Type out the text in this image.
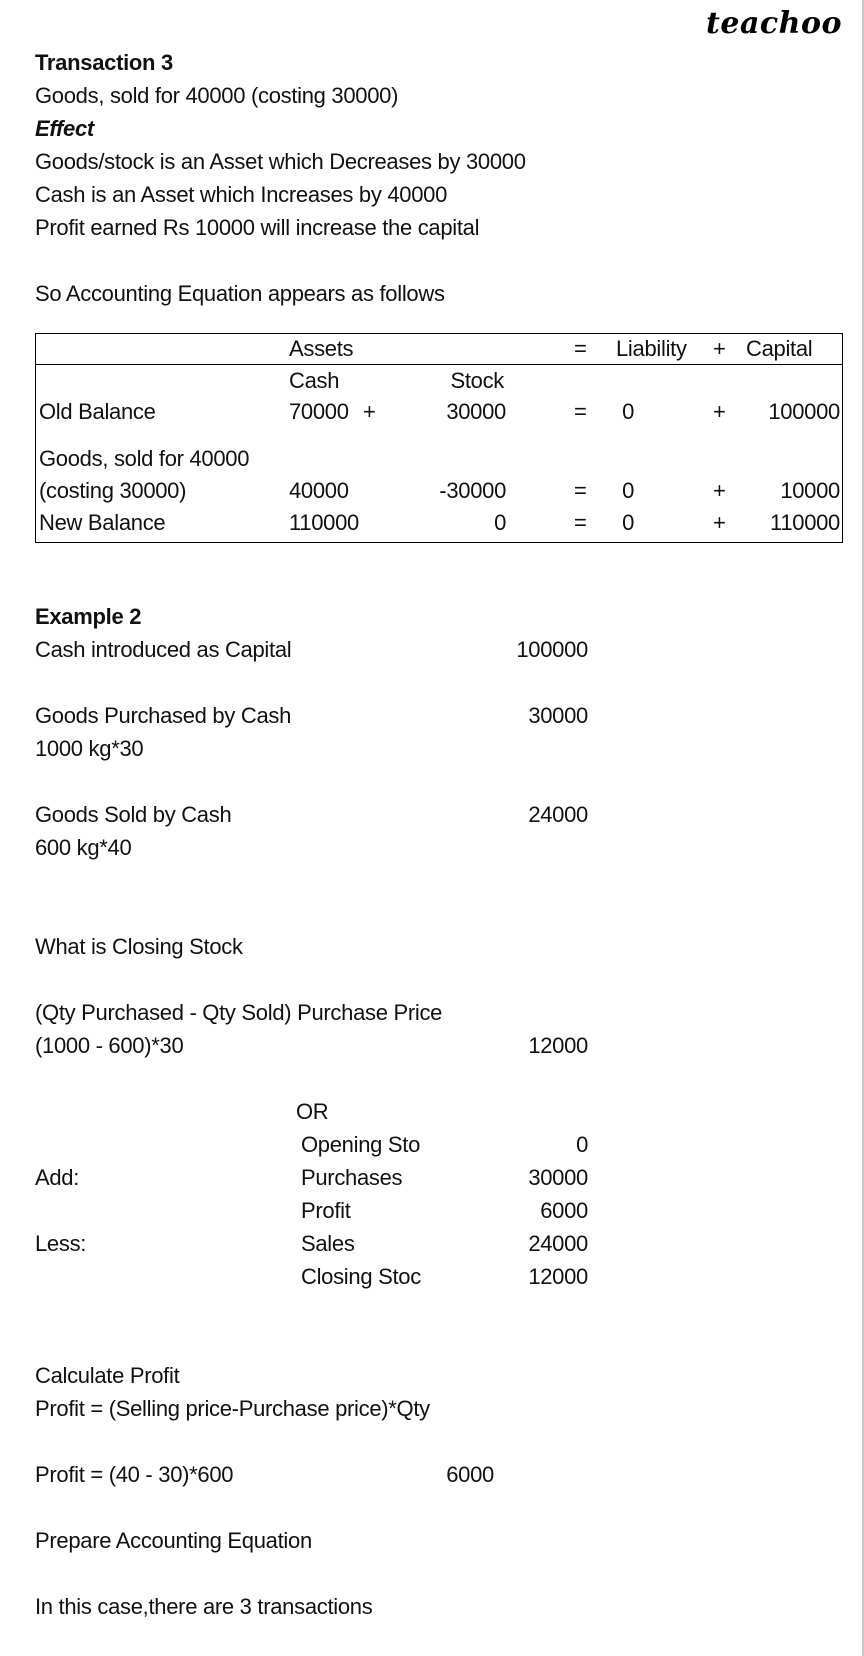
teachoo
Transaction 3
Goods, sold for 40000 (costing 30000)
Effect
Goods/stock is an Asset which Decreases by 30000
Cash is an Asset which Increases by 40000
Profit earned Rs 10000 will increase the capital
So Accounting Equation appears as follows
Assets	= Liability + Capital
Cash	Stock
Old Balance	70000 +	30000	=	0	+	100000
Goods, sold for 40000
(costing 30000)	40000	-30000	=	0	+	10000
New Balance	110000	0	=	0	+	110000
Example 2
Cash introduced as Capital	100000
Goods Purchased by Cash	30000
1000 kg*30
Goods Sold by Cash	24000
600 kg*40
What is Closing Stock
(Qty Purchased - Qty Sold) Purchase Price
(1000 - 600)*30	12000
OR
Opening Sto	0
Add:	Purchases	30000
Profit	6000
Less:	Sales	24000
Closing Stoc	12000
Calculate Profit
Profit = (Selling price-Purchase price)*Qty
Profit = (40 - 30)*600	6000
Prepare Accounting Equation
In this case,there are 3 transactions
